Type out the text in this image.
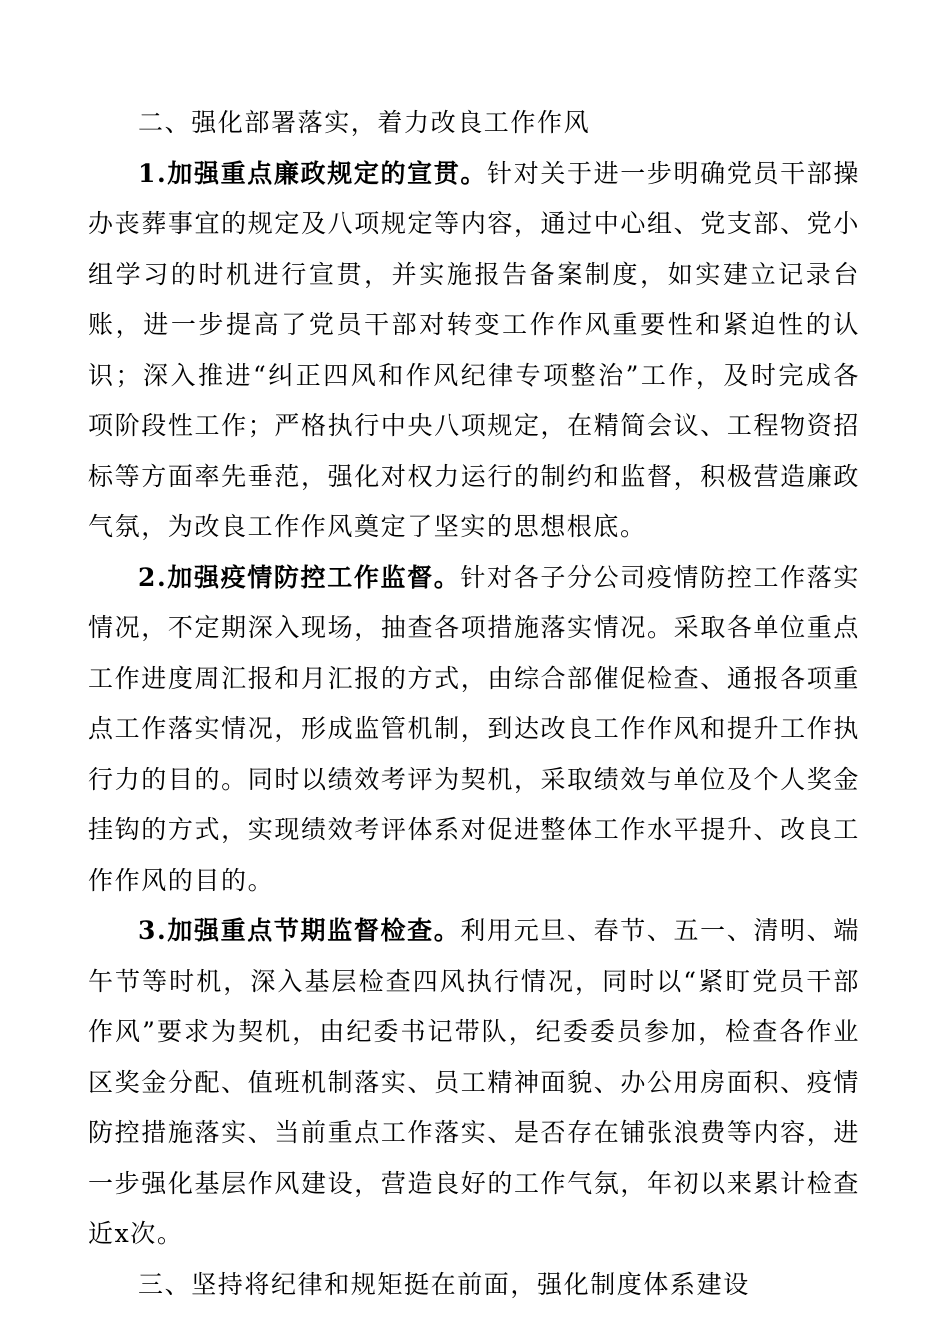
二、强化部署落实，着力改良工作作风

1.加强重点廉政规定的宣贯。针对关于进一步明确党员干部操办丧葬事宜的规定及八项规定等内容，通过中心组、党支部、党小组学习的时机进行宣贯，并实施报告备案制度，如实建立记录台账，进一步提高了党员干部对转变工作作风重要性和紧迫性的认识；深入推进“纠正四风和作风纪律专项整治”工作，及时完成各项阶段性工作；严格执行中央八项规定，在精简会议、工程物资招标等方面率先垂范，强化对权力运行的制约和监督，积极营造廉政气氛，为改良工作作风奠定了坚实的思想根底。

2.加强疫情防控工作监督。针对各子分公司疫情防控工作落实情况，不定期深入现场，抽查各项措施落实情况。采取各单位重点工作进度周汇报和月汇报的方式，由综合部催促检查、通报各项重点工作落实情况，形成监管机制，到达改良工作作风和提升工作执行力的目的。同时以绩效考评为契机，采取绩效与单位及个人奖金挂钩的方式，实现绩效考评体系对促进整体工作水平提升、改良工作作风的目的。

3.加强重点节期监督检查。利用元旦、春节、五一、清明、端午节等时机，深入基层检查四风执行情况，同时以“紧盯党员干部作风”要求为契机，由纪委书记带队，纪委委员参加，检查各作业区奖金分配、值班机制落实、员工精神面貌、办公用房面积、疫情防控措施落实、当前重点工作落实、是否存在铺张浪费等内容，进一步强化基层作风建设，营造良好的工作气氛，年初以来累计检查近x次。

三、坚持将纪律和规矩挺在前面，强化制度体系建设
